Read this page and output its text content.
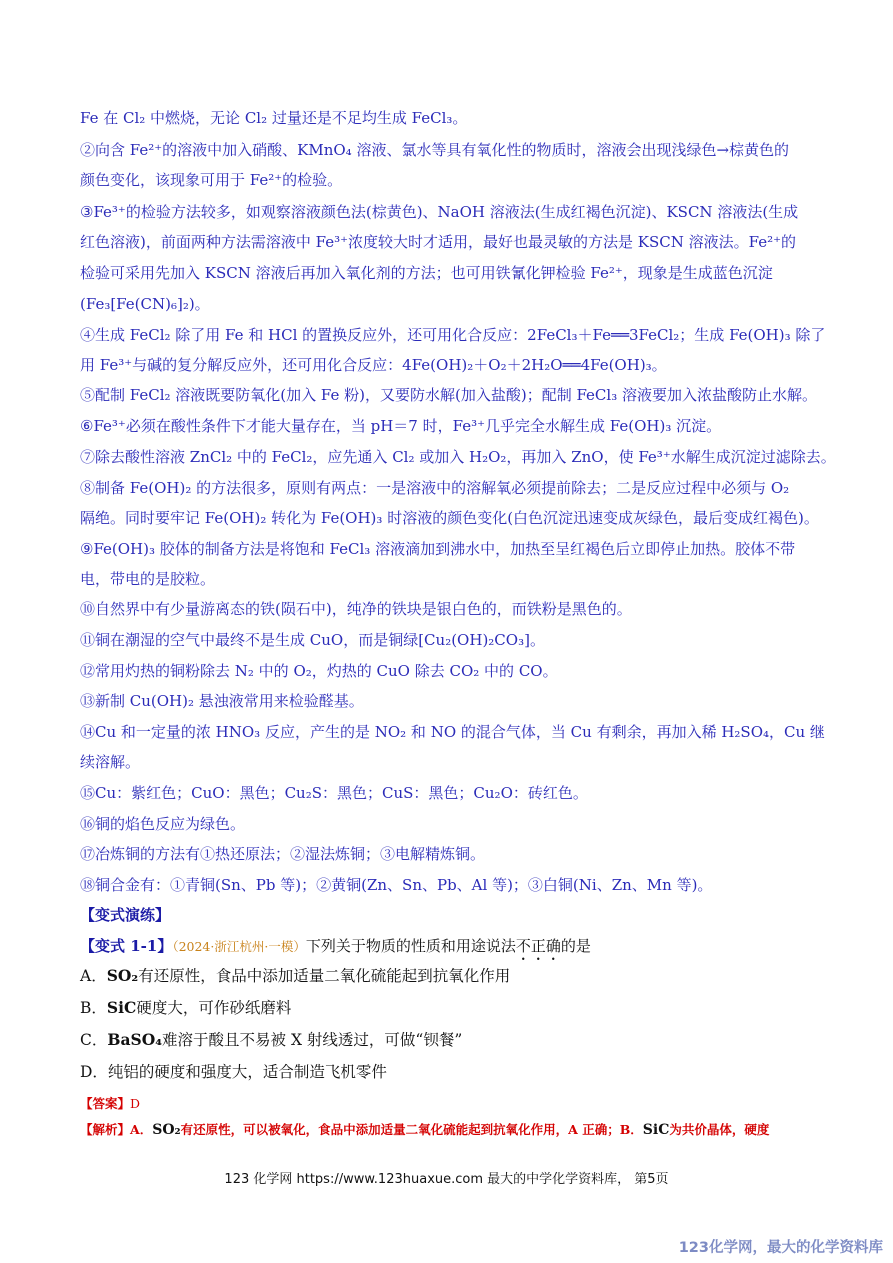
Fe 在 Cl₂ 中燃烧，无论 Cl₂ 过量还是不足均生成 FeCl₃。
②向含 Fe²⁺的溶液中加入硝酸、KMnO₄ 溶液、氯水等具有氧化性的物质时，溶液会出现浅绿色→棕黄色的
颜色变化，该现象可用于 Fe²⁺的检验。
③Fe³⁺的检验方法较多，如观察溶液颜色法(棕黄色)、NaOH 溶液法(生成红褐色沉淀)、KSCN 溶液法(生成
红色溶液)，前面两种方法需溶液中 Fe³⁺浓度较大时才适用，最好也最灵敏的方法是 KSCN 溶液法。Fe²⁺的
检验可采用先加入 KSCN 溶液后再加入氧化剂的方法；也可用铁氰化钾检验 Fe²⁺，现象是生成蓝色沉淀
(Fe₃[Fe(CN)₆]₂)。
④生成 FeCl₂ 除了用 Fe 和 HCl 的置换反应外，还可用化合反应：2FeCl₃＋Fe══3FeCl₂；生成 Fe(OH)₃ 除了
用 Fe³⁺与碱的复分解反应外，还可用化合反应：4Fe(OH)₂＋O₂＋2H₂O══4Fe(OH)₃。
⑤配制 FeCl₂ 溶液既要防氧化(加入 Fe 粉)，又要防水解(加入盐酸)；配制 FeCl₃ 溶液要加入浓盐酸防止水解。
⑥Fe³⁺必须在酸性条件下才能大量存在，当 pH＝7 时，Fe³⁺几乎完全水解生成 Fe(OH)₃ 沉淀。
⑦除去酸性溶液 ZnCl₂ 中的 FeCl₂，应先通入 Cl₂ 或加入 H₂O₂，再加入 ZnO，使 Fe³⁺水解生成沉淀过滤除去。
⑧制备 Fe(OH)₂ 的方法很多，原则有两点：一是溶液中的溶解氧必须提前除去；二是反应过程中必须与 O₂
隔绝。同时要牢记 Fe(OH)₂ 转化为 Fe(OH)₃ 时溶液的颜色变化(白色沉淀迅速变成灰绿色，最后变成红褐色)。
⑨Fe(OH)₃ 胶体的制备方法是将饱和 FeCl₃ 溶液滴加到沸水中，加热至呈红褐色后立即停止加热。胶体不带
电，带电的是胶粒。
⑩自然界中有少量游离态的铁(陨石中)，纯净的铁块是银白色的，而铁粉是黑色的。
⑪铜在潮湿的空气中最终不是生成 CuO，而是铜绿[Cu₂(OH)₂CO₃]。
⑫常用灼热的铜粉除去 N₂ 中的 O₂，灼热的 CuO 除去 CO₂ 中的 CO。
⑬新制 Cu(OH)₂ 悬浊液常用来检验醛基。
⑭Cu 和一定量的浓 HNO₃ 反应，产生的是 NO₂ 和 NO 的混合气体，当 Cu 有剩余，再加入稀 H₂SO₄，Cu 继
续溶解。
⑮Cu：紫红色；CuO：黑色；Cu₂S：黑色；CuS：黑色；Cu₂O：砖红色。
⑯铜的焰色反应为绿色。
⑰冶炼铜的方法有①热还原法；②湿法炼铜；③电解精炼铜。
⑱铜合金有：①青铜(Sn、Pb 等)；②黄铜(Zn、Sn、Pb、Al 等)；③白铜(Ni、Zn、Mn 等)。
【变式演练】
【变式 1-1】（2024·浙江杭州·一模）下列关于物质的性质和用途说法不正确的是
A．SO₂有还原性，食品中添加适量二氧化硫能起到抗氧化作用
B．SiC硬度大，可作砂纸磨料
C．BaSO₄难溶于酸且不易被 X 射线透过，可做“钡餐”
D．纯铝的硬度和强度大，适合制造飞机零件
【答案】D
【解析】A．SO₂有还原性，可以被氧化，食品中添加适量二氧化硫能起到抗氧化作用，A 正确；B．SiC为共价晶体，硬度
123 化学网 https://www.123huaxue.com 最大的中学化学资料库， 第5页
123化学网，最大的化学资料库
